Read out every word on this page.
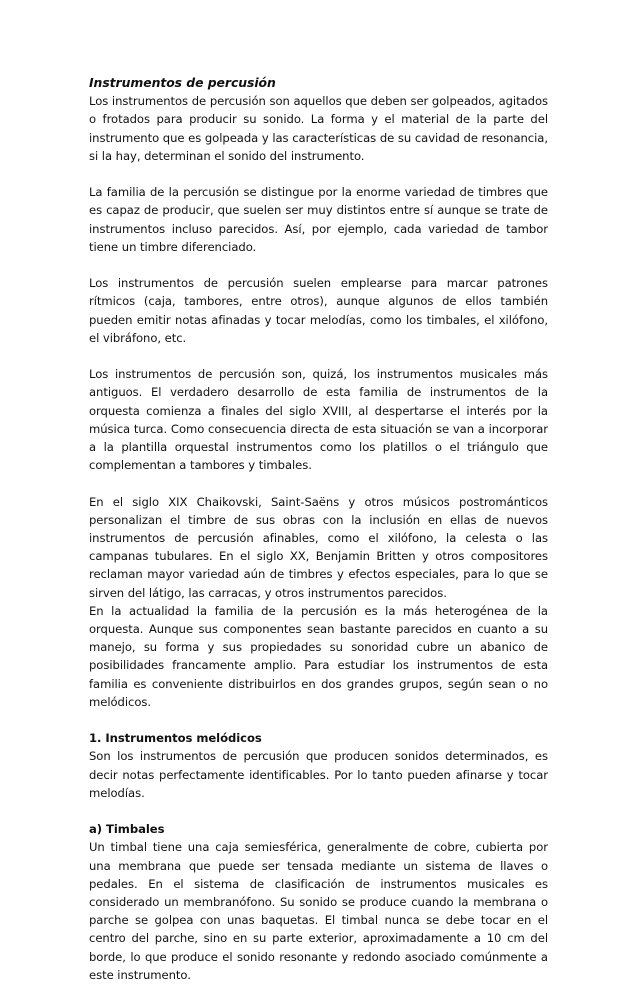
Instrumentos de percusión

Los instrumentos de percusión son aquellos que deben ser golpeados, agitados o frotados para producir su sonido. La forma y el material de la parte del instrumento que es golpeada y las características de su cavidad de resonancia, si la hay, determinan el sonido del instrumento.

La familia de la percusión se distingue por la enorme variedad de timbres que es capaz de producir, que suelen ser muy distintos entre sí aunque se trate de instrumentos incluso parecidos. Así, por ejemplo, cada variedad de tambor tiene un timbre diferenciado.

Los instrumentos de percusión suelen emplearse para marcar patrones rítmicos (caja, tambores, entre otros), aunque algunos de ellos también pueden emitir notas afinadas y tocar melodías, como los timbales, el xilófono, el vibráfono, etc.

Los instrumentos de percusión son, quizá, los instrumentos musicales más antiguos. El verdadero desarrollo de esta familia de instrumentos de la orquesta comienza a finales del siglo XVIII, al despertarse el interés por la música turca. Como consecuencia directa de esta situación se van a incorporar a la plantilla orquestal instrumentos como los platillos o el triángulo que complementan a tambores y timbales.

En el siglo XIX Chaikovski, Saint-Saëns y otros músicos postrománticos personalizan el timbre de sus obras con la inclusión en ellas de nuevos instrumentos de percusión afinables, como el xilófono, la celesta o las campanas tubulares. En el siglo XX, Benjamin Britten y otros compositores reclaman mayor variedad aún de timbres y efectos especiales, para lo que se sirven del látigo, las carracas, y otros instrumentos parecidos.

En la actualidad la familia de la percusión es la más heterogénea de la orquesta. Aunque sus componentes sean bastante parecidos en cuanto a su manejo, su forma y sus propiedades su sonoridad cubre un abanico de posibilidades francamente amplio. Para estudiar los instrumentos de esta familia es conveniente distribuirlos en dos grandes grupos, según sean o no melódicos.

1. Instrumentos melódicos

Son los instrumentos de percusión que producen sonidos determinados, es decir notas perfectamente identificables. Por lo tanto pueden afinarse y tocar melodías.

a) Timbales

Un timbal tiene una caja semiesférica, generalmente de cobre, cubierta por una membrana que puede ser tensada mediante un sistema de llaves o pedales. En el sistema de clasificación de instrumentos musicales es considerado un membranófono. Su sonido se produce cuando la membrana o parche se golpea con unas baquetas. El timbal nunca se debe tocar en el centro del parche, sino en su parte exterior, aproximadamente a 10 cm del borde, lo que produce el sonido resonante y redondo asociado comúnmente a este instrumento.
